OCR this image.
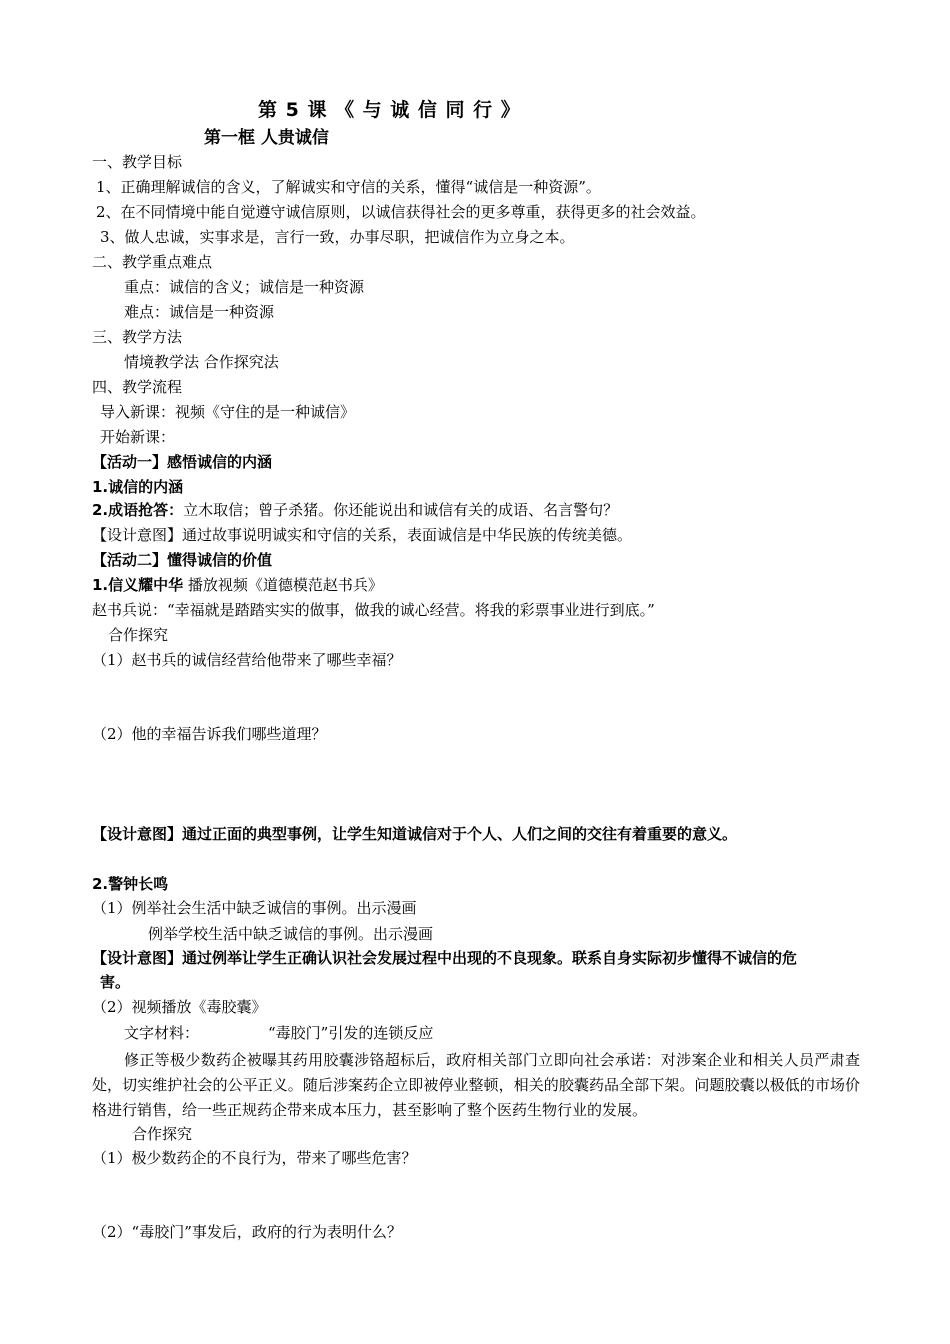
第 5 课 《 与 诚 信 同 行 》
第一框 人贵诚信
一、教学目标
1、正确理解诚信的含义，了解诚实和守信的关系，懂得“诚信是一种资源”。
2、在不同情境中能自觉遵守诚信原则，以诚信获得社会的更多尊重，获得更多的社会效益。
3、做人忠诚，实事求是，言行一致，办事尽职，把诚信作为立身之本。
二、教学重点难点
重点：诚信的含义；诚信是一种资源
难点：诚信是一种资源
三、教学方法
情境教学法 合作探究法
四、教学流程
导入新课：视频《守住的是一种诚信》
开始新课：
【活动一】感悟诚信的内涵
1.诚信的内涵
2.成语抢答：立木取信；曾子杀猪。你还能说出和诚信有关的成语、名言警句？
【设计意图】通过故事说明诚实和守信的关系，表面诚信是中华民族的传统美德。
【活动二】懂得诚信的价值
1.信义耀中华 播放视频《道德模范赵书兵》
赵书兵说：“幸福就是踏踏实实的做事，做我的诚心经营。将我的彩票事业进行到底。”
合作探究
（1）赵书兵的诚信经营给他带来了哪些幸福？
（2）他的幸福告诉我们哪些道理？
【设计意图】通过正面的典型事例，让学生知道诚信对于个人、人们之间的交往有着重要的意义。
2.警钟长鸣
（1）例举社会生活中缺乏诚信的事例。出示漫画
例举学校生活中缺乏诚信的事例。出示漫画
【设计意图】通过例举让学生正确认识社会发展过程中出现的不良现象。联系自身实际初步懂得不诚信的危
害。
（2）视频播放《毒胶囊》
文字材料：	“毒胶门”引发的连锁反应
修正等极少数药企被曝其药用胶囊涉铬超标后，政府相关部门立即向社会承诺：对涉案企业和相关人员严肃查处，切实维护社会的公平正义。随后涉案药企立即被停业整顿，相关的胶囊药品全部下架。问题胶囊以极低的市场价格进行销售，给一些正规药企带来成本压力，甚至影响了整个医药生物行业的发展。
合作探究
（1）极少数药企的不良行为，带来了哪些危害？
（2）“毒胶门”事发后，政府的行为表明什么？
